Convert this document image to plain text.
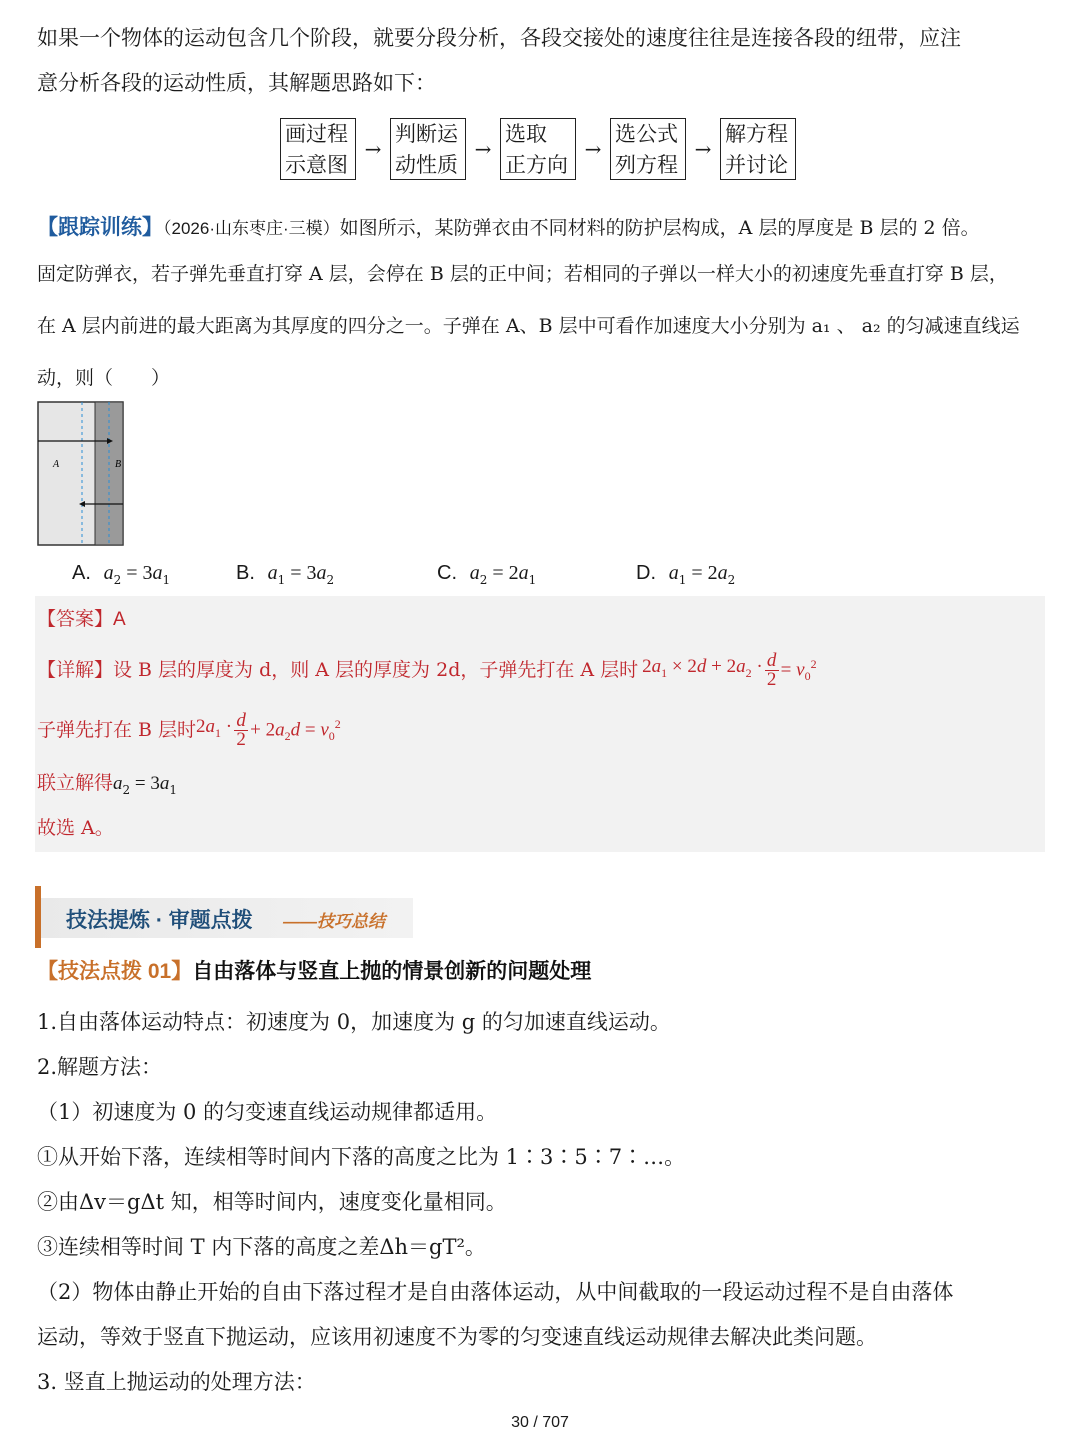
如果一个物体的运动包含几个阶段，就要分段分析，各段交接处的速度往往是连接各段的纽带，应注
意分析各段的运动性质，其解题思路如下：
画过程
示意图
→
判断运
动性质
→
选取
正方向
→
选公式
列方程
→
解方程
并讨论
【跟踪训练】（2026·山东枣庄·三模）如图所示，某防弹衣由不同材料的防护层构成，A 层的厚度是 B 层的 2 倍。
固定防弹衣，若子弹先垂直打穿 A 层，会停在 B 层的正中间；若相同的子弹以一样大小的初速度先垂直打穿 B 层，
在 A 层内前进的最大距离为其厚度的四分之一。子弹在 A、B 层中可看作加速度大小分别为 a₁ 、 a₂ 的匀减速直线运
动，则（　　）
A	B
A. $a_2 = 3a_1$	B. $a_1 = 3a_2$	C. $a_2 = 2a_1$	D. $a_1 = 2a_2$
【答案】A
【详解】 设 B 层的厚度为 d，则 A 层的厚度为 2d，子弹先打在 A 层时 $2a_1 \times 2d + 2a_2 \cdot \frac{d}{2} = v_0^2$
子弹先打在 B 层时 $2a_1 \cdot \frac{d}{2} + 2a_2d = v_0^2$
联立解得$a_2 = 3a_1$
故选 A。
技法提炼 · 审题点拨 ——技巧总结
【技法点拨 01】自由落体与竖直上抛的情景创新的问题处理
1.自由落体运动特点：初速度为 0，加速度为 g 的匀加速直线运动。
2.解题方法：
（1）初速度为 0 的匀变速直线运动规律都适用。
①从开始下落，连续相等时间内下落的高度之比为 1∶3∶5∶7∶…。
②由Δv＝gΔt 知，相等时间内，速度变化量相同。
③连续相等时间 T 内下落的高度之差Δh＝gT²。
（2）物体由静止开始的自由下落过程才是自由落体运动，从中间截取的一段运动过程不是自由落体
运动，等效于竖直下抛运动，应该用初速度不为零的匀变速直线运动规律去解决此类问题。
3. 竖直上抛运动的处理方法：
30 / 707
